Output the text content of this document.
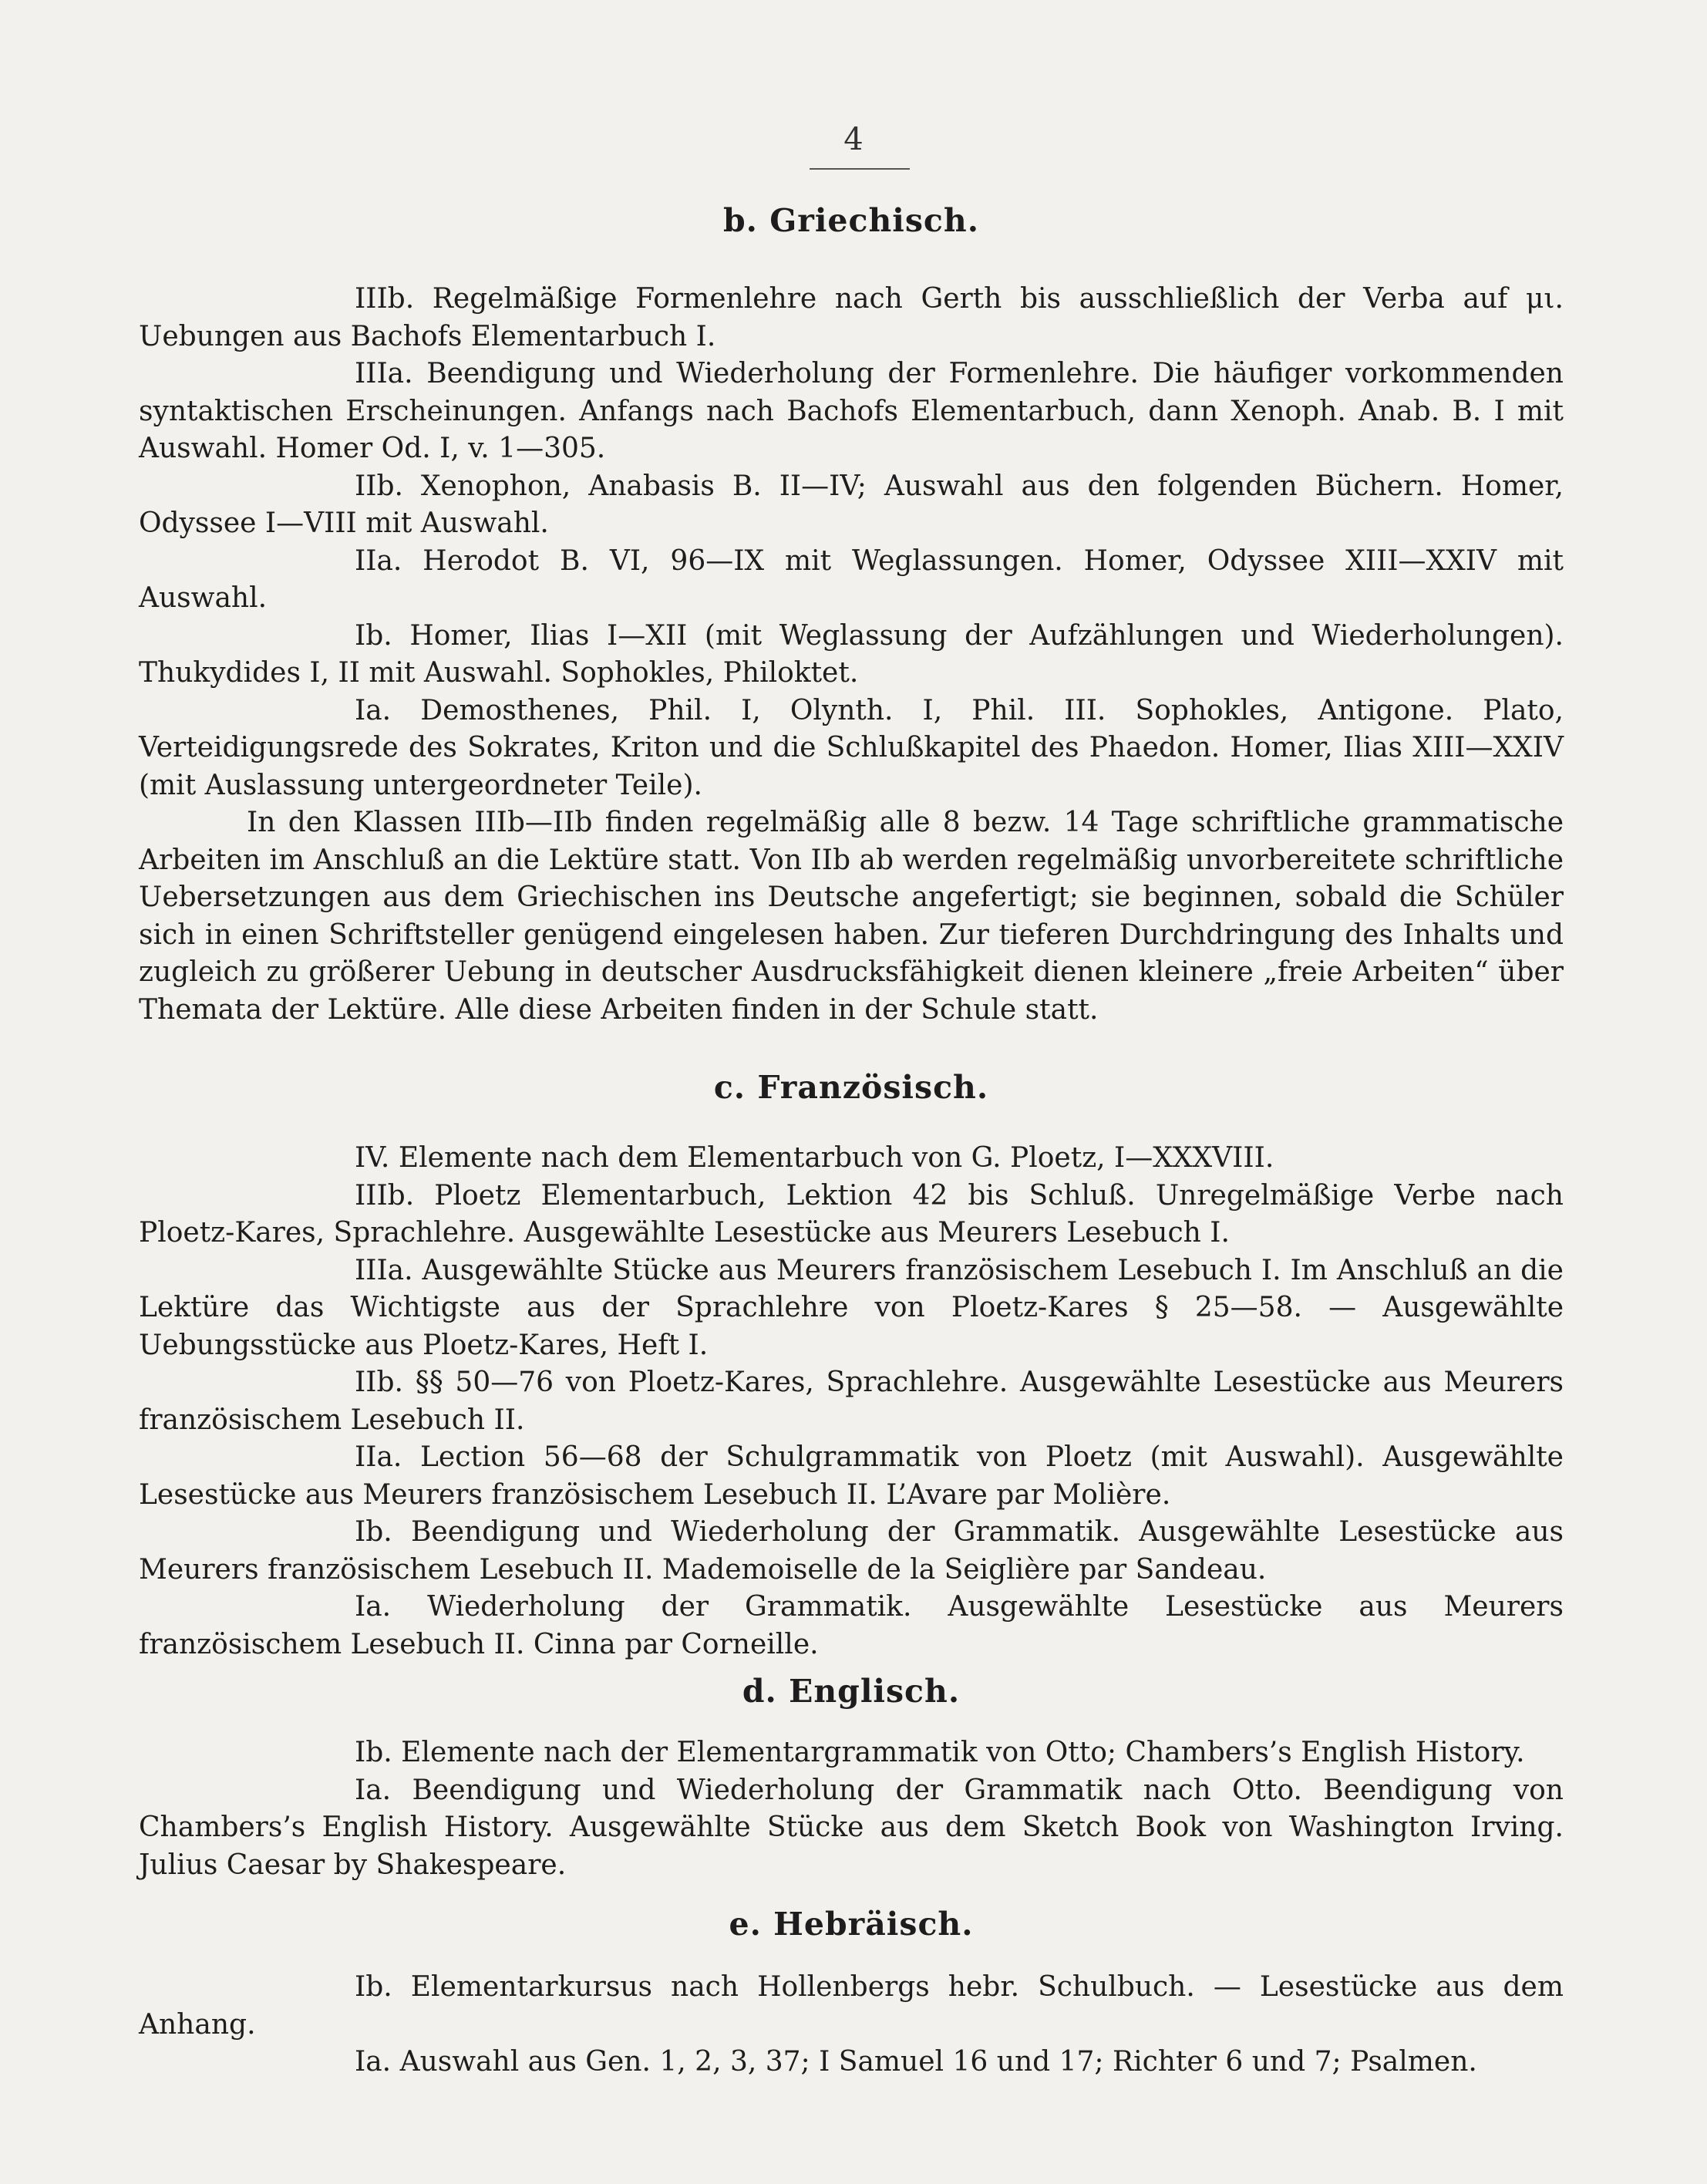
4
b. Griechisch.

IIIb. Regelmäßige Formenlehre nach Gerth bis ausschließlich der Verba auf μι. Uebungen aus Bachofs Elementarbuch I.

IIIa. Beendigung und Wiederholung der Formenlehre. Die häufiger vorkommenden syntaktischen Erscheinungen. Anfangs nach Bachofs Elementarbuch, dann Xenoph. Anab. B. I mit Auswahl. Homer Od. I, v. 1—305.

IIb. Xenophon, Anabasis B. II—IV; Auswahl aus den folgenden Büchern. Homer, Odyssee I—VIII mit Auswahl.

IIa. Herodot B. VI, 96—IX mit Weglassungen. Homer, Odyssee XIII—XXIV mit Auswahl.

Ib. Homer, Ilias I—XII (mit Weglassung der Aufzählungen und Wiederholungen). Thukydides I, II mit Auswahl. Sophokles, Philoktet.

Ia. Demosthenes, Phil. I, Olynth. I, Phil. III. Sophokles, Antigone. Plato, Verteidigungsrede des Sokrates, Kriton und die Schlußkapitel des Phaedon. Homer, Ilias XIII—XXIV (mit Auslassung untergeordneter Teile).

In den Klassen IIIb—IIb finden regelmäßig alle 8 bezw. 14 Tage schriftliche grammatische Arbeiten im Anschluß an die Lektüre statt. Von IIb ab werden regelmäßig unvorbereitete schriftliche Uebersetzungen aus dem Griechischen ins Deutsche angefertigt; sie beginnen, sobald die Schüler sich in einen Schriftsteller genügend eingelesen haben. Zur tieferen Durchdringung des Inhalts und zugleich zu größerer Uebung in deutscher Ausdrucksfähigkeit dienen kleinere „freie Arbeiten“ über Themata der Lektüre. Alle diese Arbeiten finden in der Schule statt.

c. Französisch.

IV. Elemente nach dem Elementarbuch von G. Ploetz, I—XXXVIII.

IIIb. Ploetz Elementarbuch, Lektion 42 bis Schluß. Unregelmäßige Verbe nach Ploetz-Kares, Sprachlehre. Ausgewählte Lesestücke aus Meurers Lesebuch I.

IIIa. Ausgewählte Stücke aus Meurers französischem Lesebuch I. Im Anschluß an die Lektüre das Wichtigste aus der Sprachlehre von Ploetz-Kares § 25—58. — Ausgewählte Uebungsstücke aus Ploetz-Kares, Heft I.

IIb. §§ 50—76 von Ploetz-Kares, Sprachlehre. Ausgewählte Lesestücke aus Meurers französischem Lesebuch II.

IIa. Lection 56—68 der Schulgrammatik von Ploetz (mit Auswahl). Ausgewählte Lesestücke aus Meurers französischem Lesebuch II. L’Avare par Molière.

Ib. Beendigung und Wiederholung der Grammatik. Ausgewählte Lesestücke aus Meurers französischem Lesebuch II. Mademoiselle de la Seiglière par Sandeau.

Ia. Wiederholung der Grammatik. Ausgewählte Lesestücke aus Meurers französischem Lesebuch II. Cinna par Corneille.

d. Englisch.

Ib. Elemente nach der Elementargrammatik von Otto; Chambers’s English History.

Ia. Beendigung und Wiederholung der Grammatik nach Otto. Beendigung von Chambers’s English History. Ausgewählte Stücke aus dem Sketch Book von Washington Irving. Julius Caesar by Shakespeare.

e. Hebräisch.

Ib. Elementarkursus nach Hollenbergs hebr. Schulbuch. — Lesestücke aus dem Anhang.

Ia. Auswahl aus Gen. 1, 2, 3, 37; I Samuel 16 und 17; Richter 6 und 7; Psalmen.
